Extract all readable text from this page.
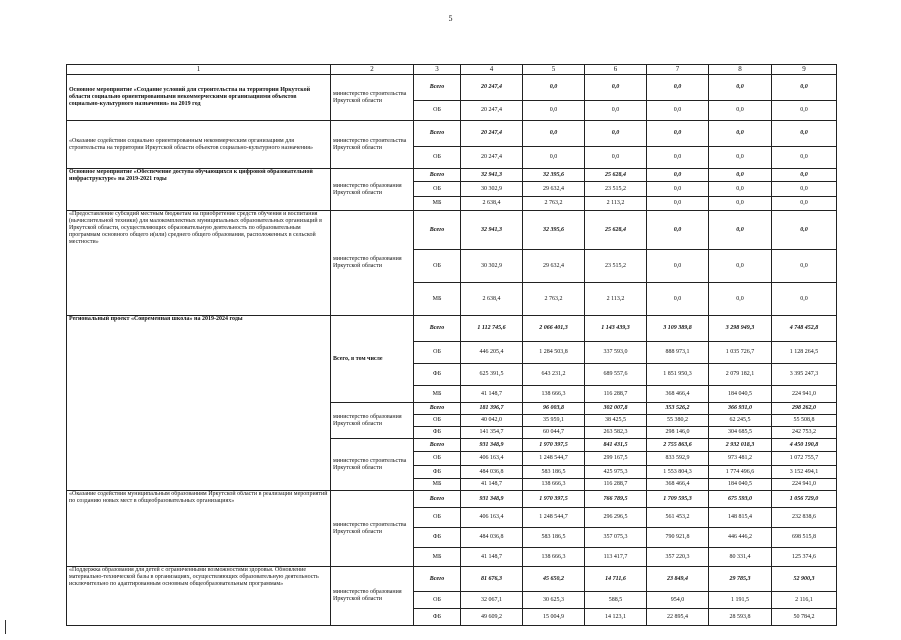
5
1	2	3	4	5	6	7	8	9
Основное мероприятие «Создание условий для строительства на территории Иркутской области социально ориентированными некоммерческими организациями объектов социально-культурного назначения» на 2019 год	министерство строительства Иркутской области	Всего	20 247,4	0,0	0,0	0,0	0,0	0,0
		ОБ	20 247,4	0,0	0,0	0,0	0,0	0,0
«Оказание содействия социально ориентированным некоммерческим организациям для строительства на территории Иркутской области объектов социально-культурного назначения»	министерство строительства Иркутской области	Всего	20 247,4	0,0	0,0	0,0	0,0	0,0
		ОБ	20 247,4	0,0	0,0	0,0	0,0	0,0
Основное мероприятие «Обеспечение доступа обучающихся к цифровой образовательной инфраструктуре» на 2019-2021 годы	министерство образования Иркутской области	Всего	32 941,3	32 395,6	25 628,4	0,0	0,0	0,0
		ОБ	30 302,9	29 632,4	23 515,2	0,0	0,0	0,0
		МБ	2 638,4	2 763,2	2 113,2	0,0	0,0	0,0
«Предоставление субсидий местным бюджетам на приобретение средств обучения и воспитания (вычислительной техники) для малокомплектных муниципальных образовательных организаций в Иркутской области, осуществляющих образовательную деятельность по образовательным программам основного общего и(или) среднего общего образования, расположенных в сельской местности»	министерство образования Иркутской области	Всего	32 941,3	32 395,6	25 628,4	0,0	0,0	0,0
		ОБ	30 302,9	29 632,4	23 515,2	0,0	0,0	0,0
		МБ	2 638,4	2 763,2	2 113,2	0,0	0,0	0,0
Региональный проект «Современная школа» на 2019-2024 годы	Всего, в том числе	Всего	1 112 745,6	2 066 401,3	1 143 439,3	3 109 389,8	3 298 949,3	4 748 452,8
		ОБ	446 205,4	1 284 503,8	337 593,0	888 973,1	1 035 726,7	1 128 264,5
		ФБ	625 391,5	643 231,2	689 557,6	1 851 950,3	2 079 182,1	3 395 247,3
		МБ	41 148,7	138 666,3	116 288,7	368 466,4	184 040,5	224 941,0
	министерство образования Иркутской области	Всего	181 396,7	96 003,8	302 007,8	353 526,2	366 931,0	298 262,0
		ОБ	40 042,0	35 959,1	38 425,5	55 380,2	62 245,5	55 508,8
		ФБ	141 354,7	60 044,7	263 582,3	298 146,0	304 685,5	242 753,2
	министерство строительства Иркутской области	Всего	931 348,9	1 970 397,5	841 431,5	2 755 863,6	2 932 018,3	4 450 190,8
		ОБ	406 163,4	1 248 544,7	299 167,5	833 592,9	973 481,2	1 072 755,7
		ФБ	484 036,8	583 186,5	425 975,3	1 553 804,3	1 774 496,6	3 152 494,1
		МБ	41 148,7	138 666,3	116 288,7	368 466,4	184 040,5	224 941,0
«Оказание содействия муниципальным образованиям Иркутской области в реализации мероприятий по созданию новых мест в общеобразовательных организациях»	министерство строительства Иркутской области	Всего	931 348,9	1 970 397,5	766 789,5	1 709 595,3	675 593,0	1 056 729,0
		ОБ	406 163,4	1 248 544,7	296 296,5	561 453,2	148 815,4	232 838,6
		ФБ	484 036,8	583 186,5	357 075,3	790 921,8	446 446,2	698 515,8
		МБ	41 148,7	138 666,3	113 417,7	357 220,3	80 331,4	125 374,6
«Поддержка образования для детей с ограниченными возможностями здоровья. Обновление материально-технической базы в организациях, осуществляющих образовательную деятельность исключительно по адаптированным основным общеобразовательным программам»	министерство образования Иркутской области	Всего	81 676,3	45 650,2	14 711,6	23 849,4	29 785,3	52 900,3
		ОБ	32 067,1	30 625,3	588,5	954,0	1 191,5	2 116,1
		ФБ	49 609,2	15 004,9	14 123,1	22 895,4	28 593,8	50 784,2
